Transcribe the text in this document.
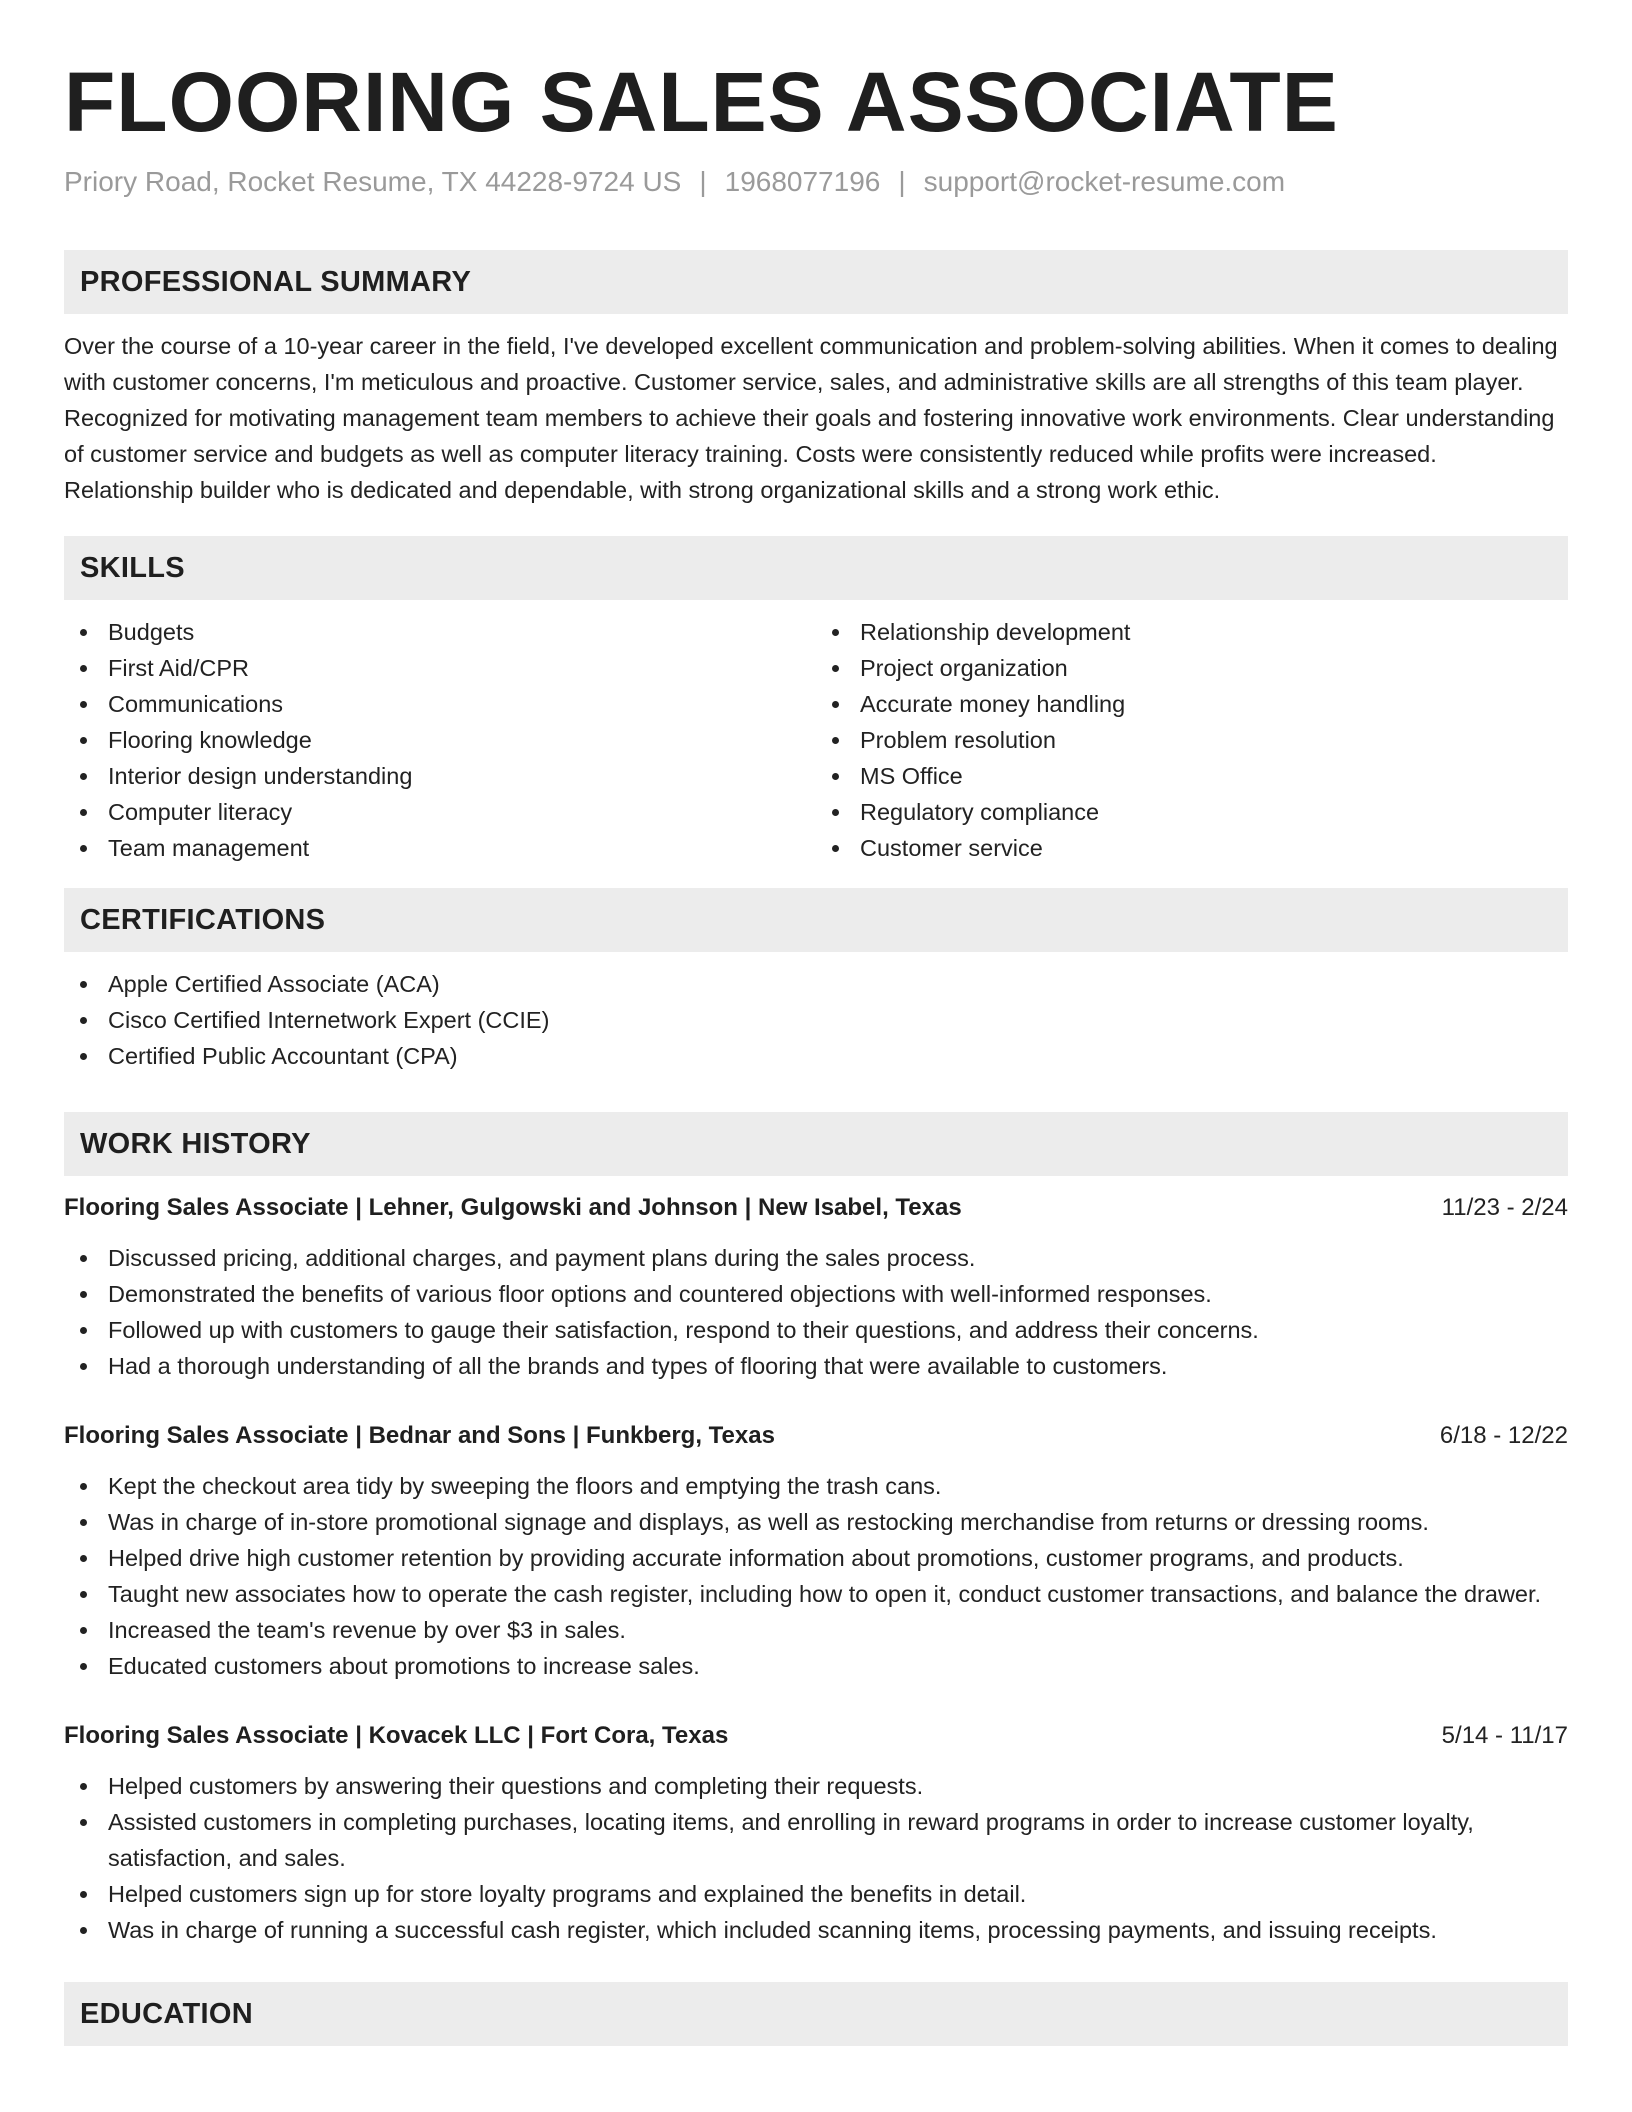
FLOORING SALES ASSOCIATE
Priory Road, Rocket Resume, TX 44228-9724 US | 1968077196 | support@rocket-resume.com
PROFESSIONAL SUMMARY

Over the course of a 10-year career in the field, I've developed excellent communication and problem-solving abilities. When it comes to dealing with customer concerns, I'm meticulous and proactive. Customer service, sales, and administrative skills are all strengths of this team player. Recognized for motivating management team members to achieve their goals and fostering innovative work environments. Clear understanding of customer service and budgets as well as computer literacy training. Costs were consistently reduced while profits were increased. Relationship builder who is dedicated and dependable, with strong organizational skills and a strong work ethic.

SKILLS
Budgets
First Aid/CPR
Communications
Flooring knowledge
Interior design understanding
Computer literacy
Team management
Relationship development
Project organization
Accurate money handling
Problem resolution
MS Office
Regulatory compliance
Customer service
CERTIFICATIONS
Apple Certified Associate (ACA)
Cisco Certified Internetwork Expert (CCIE)
Certified Public Accountant (CPA)
WORK HISTORY
Flooring Sales Associate | Lehner, Gulgowski and Johnson | New Isabel, Texas	11/23 - 2/24
Discussed pricing, additional charges, and payment plans during the sales process.
Demonstrated the benefits of various floor options and countered objections with well-informed responses.
Followed up with customers to gauge their satisfaction, respond to their questions, and address their concerns.
Had a thorough understanding of all the brands and types of flooring that were available to customers.
Flooring Sales Associate | Bednar and Sons | Funkberg, Texas	6/18 - 12/22
Kept the checkout area tidy by sweeping the floors and emptying the trash cans.
Was in charge of in-store promotional signage and displays, as well as restocking merchandise from returns or dressing rooms.
Helped drive high customer retention by providing accurate information about promotions, customer programs, and products.
Taught new associates how to operate the cash register, including how to open it, conduct customer transactions, and balance the drawer.
Increased the team's revenue by over $3 in sales.
Educated customers about promotions to increase sales.
Flooring Sales Associate | Kovacek LLC | Fort Cora, Texas	5/14 - 11/17
Helped customers by answering their questions and completing their requests.
Assisted customers in completing purchases, locating items, and enrolling in reward programs in order to increase customer loyalty, satisfaction, and sales.
Helped customers sign up for store loyalty programs and explained the benefits in detail.
Was in charge of running a successful cash register, which included scanning items, processing payments, and issuing receipts.
EDUCATION
